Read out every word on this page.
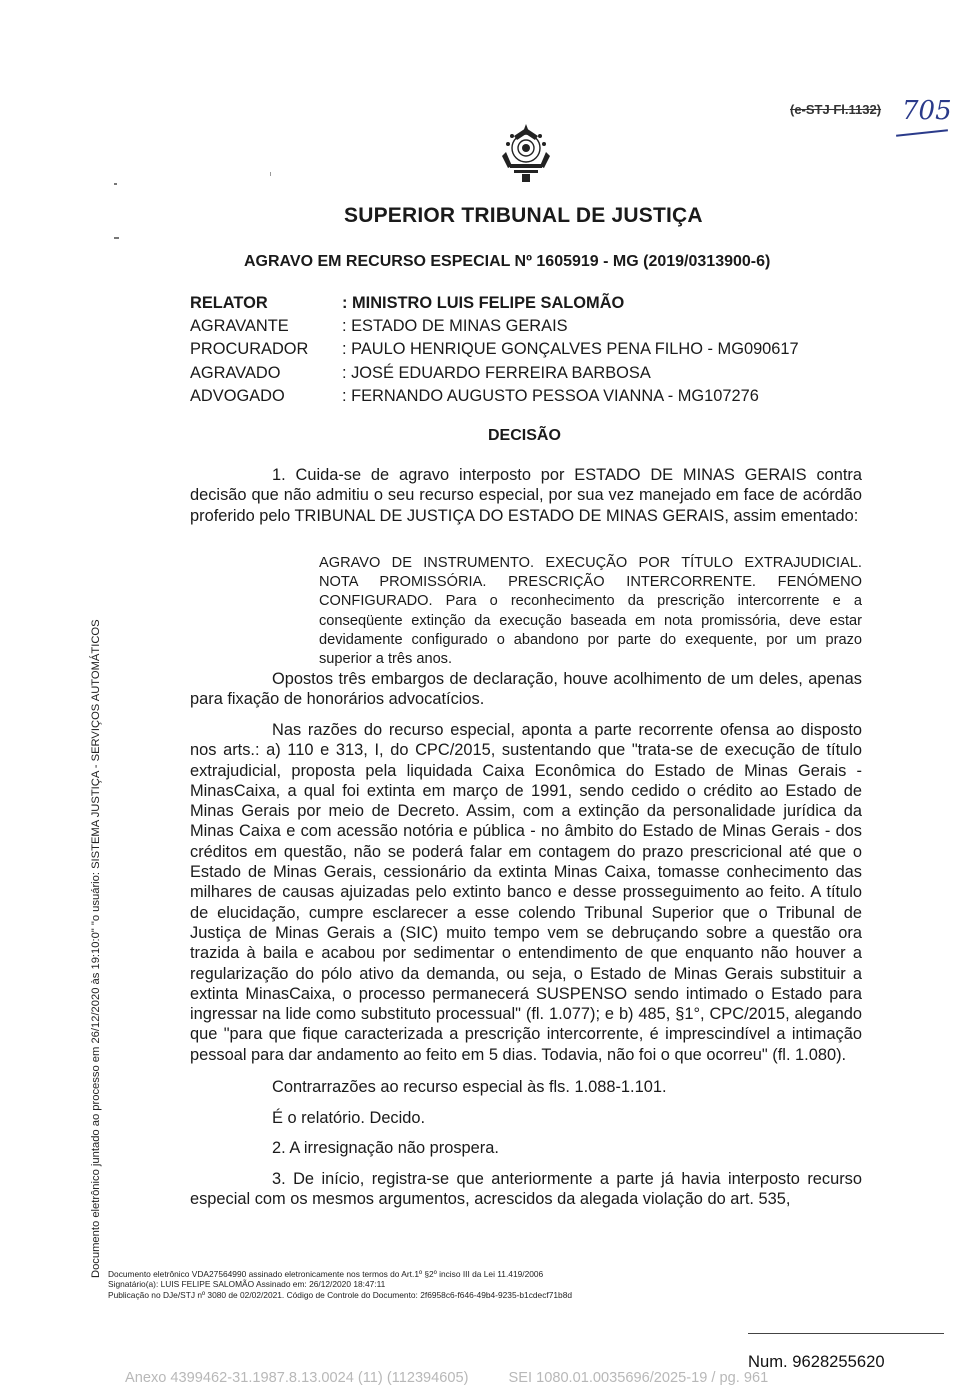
(e-STJ Fl.1132) 705
SUPERIOR TRIBUNAL DE JUSTIÇA
AGRAVO EM RECURSO ESPECIAL Nº 1605919 - MG (2019/0313900-6)
RELATOR	: MINISTRO LUIS FELIPE SALOMÃO
AGRAVANTE	: ESTADO DE MINAS GERAIS
PROCURADOR	: PAULO HENRIQUE GONÇALVES PENA FILHO - MG090617
AGRAVADO	: JOSÉ EDUARDO FERREIRA BARBOSA
ADVOGADO	: FERNANDO AUGUSTO PESSOA VIANNA - MG107276
DECISÃO
1. Cuida-se de agravo interposto por ESTADO DE MINAS GERAIS contra decisão que não admitiu o seu recurso especial, por sua vez manejado em face de acórdão proferido pelo TRIBUNAL DE JUSTIÇA DO ESTADO DE MINAS GERAIS, assim ementado:
AGRAVO DE INSTRUMENTO. EXECUÇÃO POR TÍTULO EXTRAJUDICIAL. NOTA PROMISSÓRIA. PRESCRIÇÃO INTERCORRENTE. FENÓMENO CONFIGURADO. Para o reconhecimento da prescrição intercorrente e a conseqüente extinção da execução baseada em nota promissória, deve estar devidamente configurado o abandono por parte do exequente, por um prazo superior a três anos.
Opostos três embargos de declaração, houve acolhimento de um deles, apenas para fixação de honorários advocatícios.
Nas razões do recurso especial, aponta a parte recorrente ofensa ao disposto nos arts.: a) 110 e 313, I, do CPC/2015, sustentando que "trata-se de execução de título extrajudicial, proposta pela liquidada Caixa Econômica do Estado de Minas Gerais - MinasCaixa, a qual foi extinta em março de 1991, sendo cedido o crédito ao Estado de Minas Gerais por meio de Decreto. Assim, com a extinção da personalidade jurídica da Minas Caixa e com acessão notória e pública - no âmbito do Estado de Minas Gerais - dos créditos em questão, não se poderá falar em contagem do prazo prescricional até que o Estado de Minas Gerais, cessionário da extinta Minas Caixa, tomasse conhecimento das milhares de causas ajuizadas pelo extinto banco e desse prosseguimento ao feito. A título de elucidação, cumpre esclarecer a esse colendo Tribunal Superior que o Tribunal de Justiça de Minas Gerais a (SIC) muito tempo vem se debruçando sobre a questão ora trazida à baila e acabou por sedimentar o entendimento de que enquanto não houver a regularização do pólo ativo da demanda, ou seja, o Estado de Minas Gerais substituir a extinta MinasCaixa, o processo permanecerá SUSPENSO sendo intimado o Estado para ingressar na lide como substituto processual" (fl. 1.077); e b) 485, §1°, CPC/2015, alegando que "para que fique caracterizada a prescrição intercorrente, é imprescindível a intimação pessoal para dar andamento ao feito em 5 dias. Todavia, não foi o que ocorreu" (fl. 1.080).
Contrarrazões ao recurso especial às fls. 1.088-1.101.
É o relatório. Decido.
2. A irresignação não prospera.
3. De início, registra-se que anteriormente a parte já havia interposto recurso especial com os mesmos argumentos, acrescidos da alegada violação do art. 535,
Documento eletrônico juntado ao processo em 26/12/2020 às 19:10:0" "o usuário: SISTEMA JUSTIÇA - SERVIÇOS AUTOMÁTICOS Documento eletrônico VDA27564990 assinado eletronicamente nos termos do Art.1º §2º inciso III da Lei 11.419/2006
Signatário(a): LUIS FELIPE SALOMÃO Assinado em: 26/12/2020 18:47:11
Publicação no DJe/STJ nº 3080 de 02/02/2021. Código de Controle do Documento: 2f6958c6-f646-49b4-9235-b1cdecf71b8d
Num. 9628255620
Anexo 4399462-31.1987.8.13.0024 (11) (112394605)	SEI 1080.01.0035696/2025-19 / pg. 961
